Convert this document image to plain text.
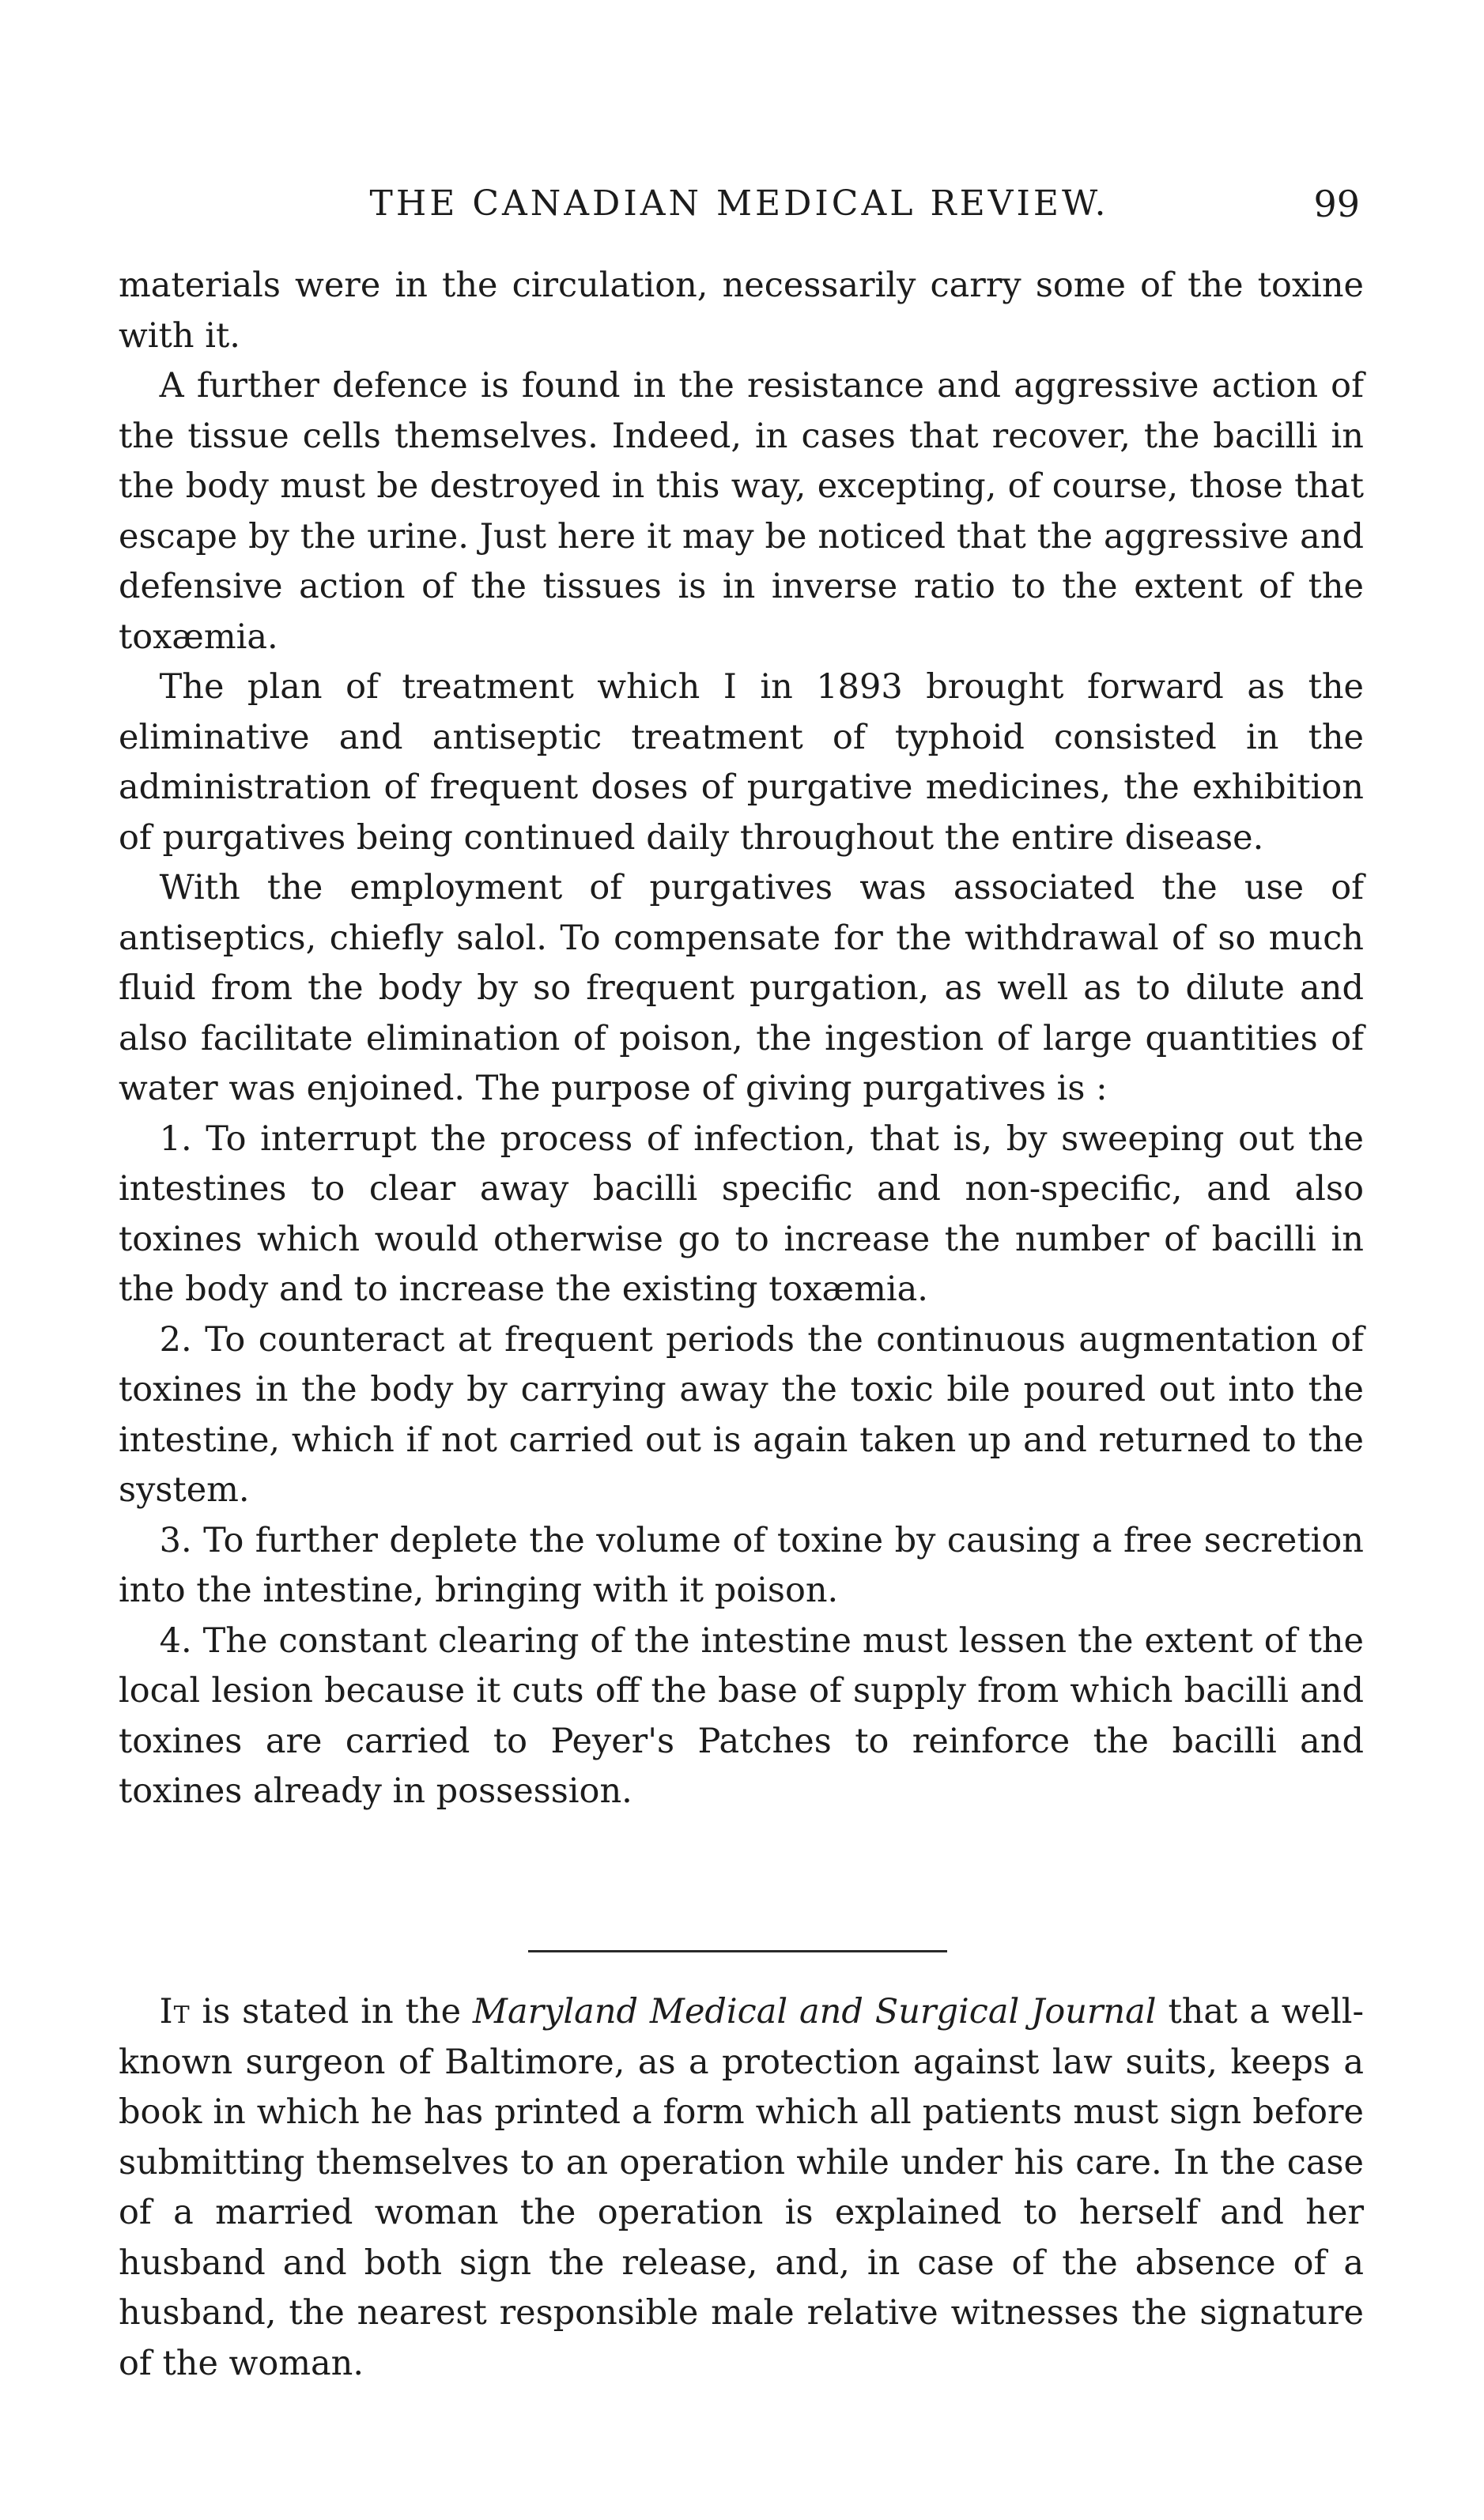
THE CANADIAN MEDICAL REVIEW.	99

materials were in the circulation, necessarily carry some of the toxine with it.

A further defence is found in the resistance and aggressive action of the tissue cells themselves. Indeed, in cases that recover, the bacilli in the body must be destroyed in this way, excepting, of course, those that escape by the urine. Just here it may be noticed that the aggressive and defensive action of the tissues is in inverse ratio to the extent of the toxæmia.

The plan of treatment which I in 1893 brought forward as the eliminative and antiseptic treatment of typhoid consisted in the administration of frequent doses of purgative medicines, the exhibition of purgatives being continued daily throughout the entire disease.

With the employment of purgatives was associated the use of antiseptics, chiefly salol. To compensate for the withdrawal of so much fluid from the body by so frequent purgation, as well as to dilute and also facilitate elimination of poison, the ingestion of large quantities of water was enjoined. The purpose of giving purgatives is :

1. To interrupt the process of infection, that is, by sweeping out the intestines to clear away bacilli specific and non-specific, and also toxines which would otherwise go to increase the number of bacilli in the body and to increase the existing toxæmia.

2. To counteract at frequent periods the continuous augmentation of toxines in the body by carrying away the toxic bile poured out into the intestine, which if not carried out is again taken up and returned to the system.

3. To further deplete the volume of toxine by causing a free secretion into the intestine, bringing with it poison.

4. The constant clearing of the intestine must lessen the extent of the local lesion because it cuts off the base of supply from which bacilli and toxines are carried to Peyer's Patches to reinforce the bacilli and toxines already in possession.

It is stated in the Maryland Medical and Surgical Journal that a well-known surgeon of Baltimore, as a protection against law suits, keeps a book in which he has printed a form which all patients must sign before submitting themselves to an operation while under his care. In the case of a married woman the operation is explained to herself and her husband and both sign the release, and, in case of the absence of a husband, the nearest responsible male relative witnesses the signature of the woman.
